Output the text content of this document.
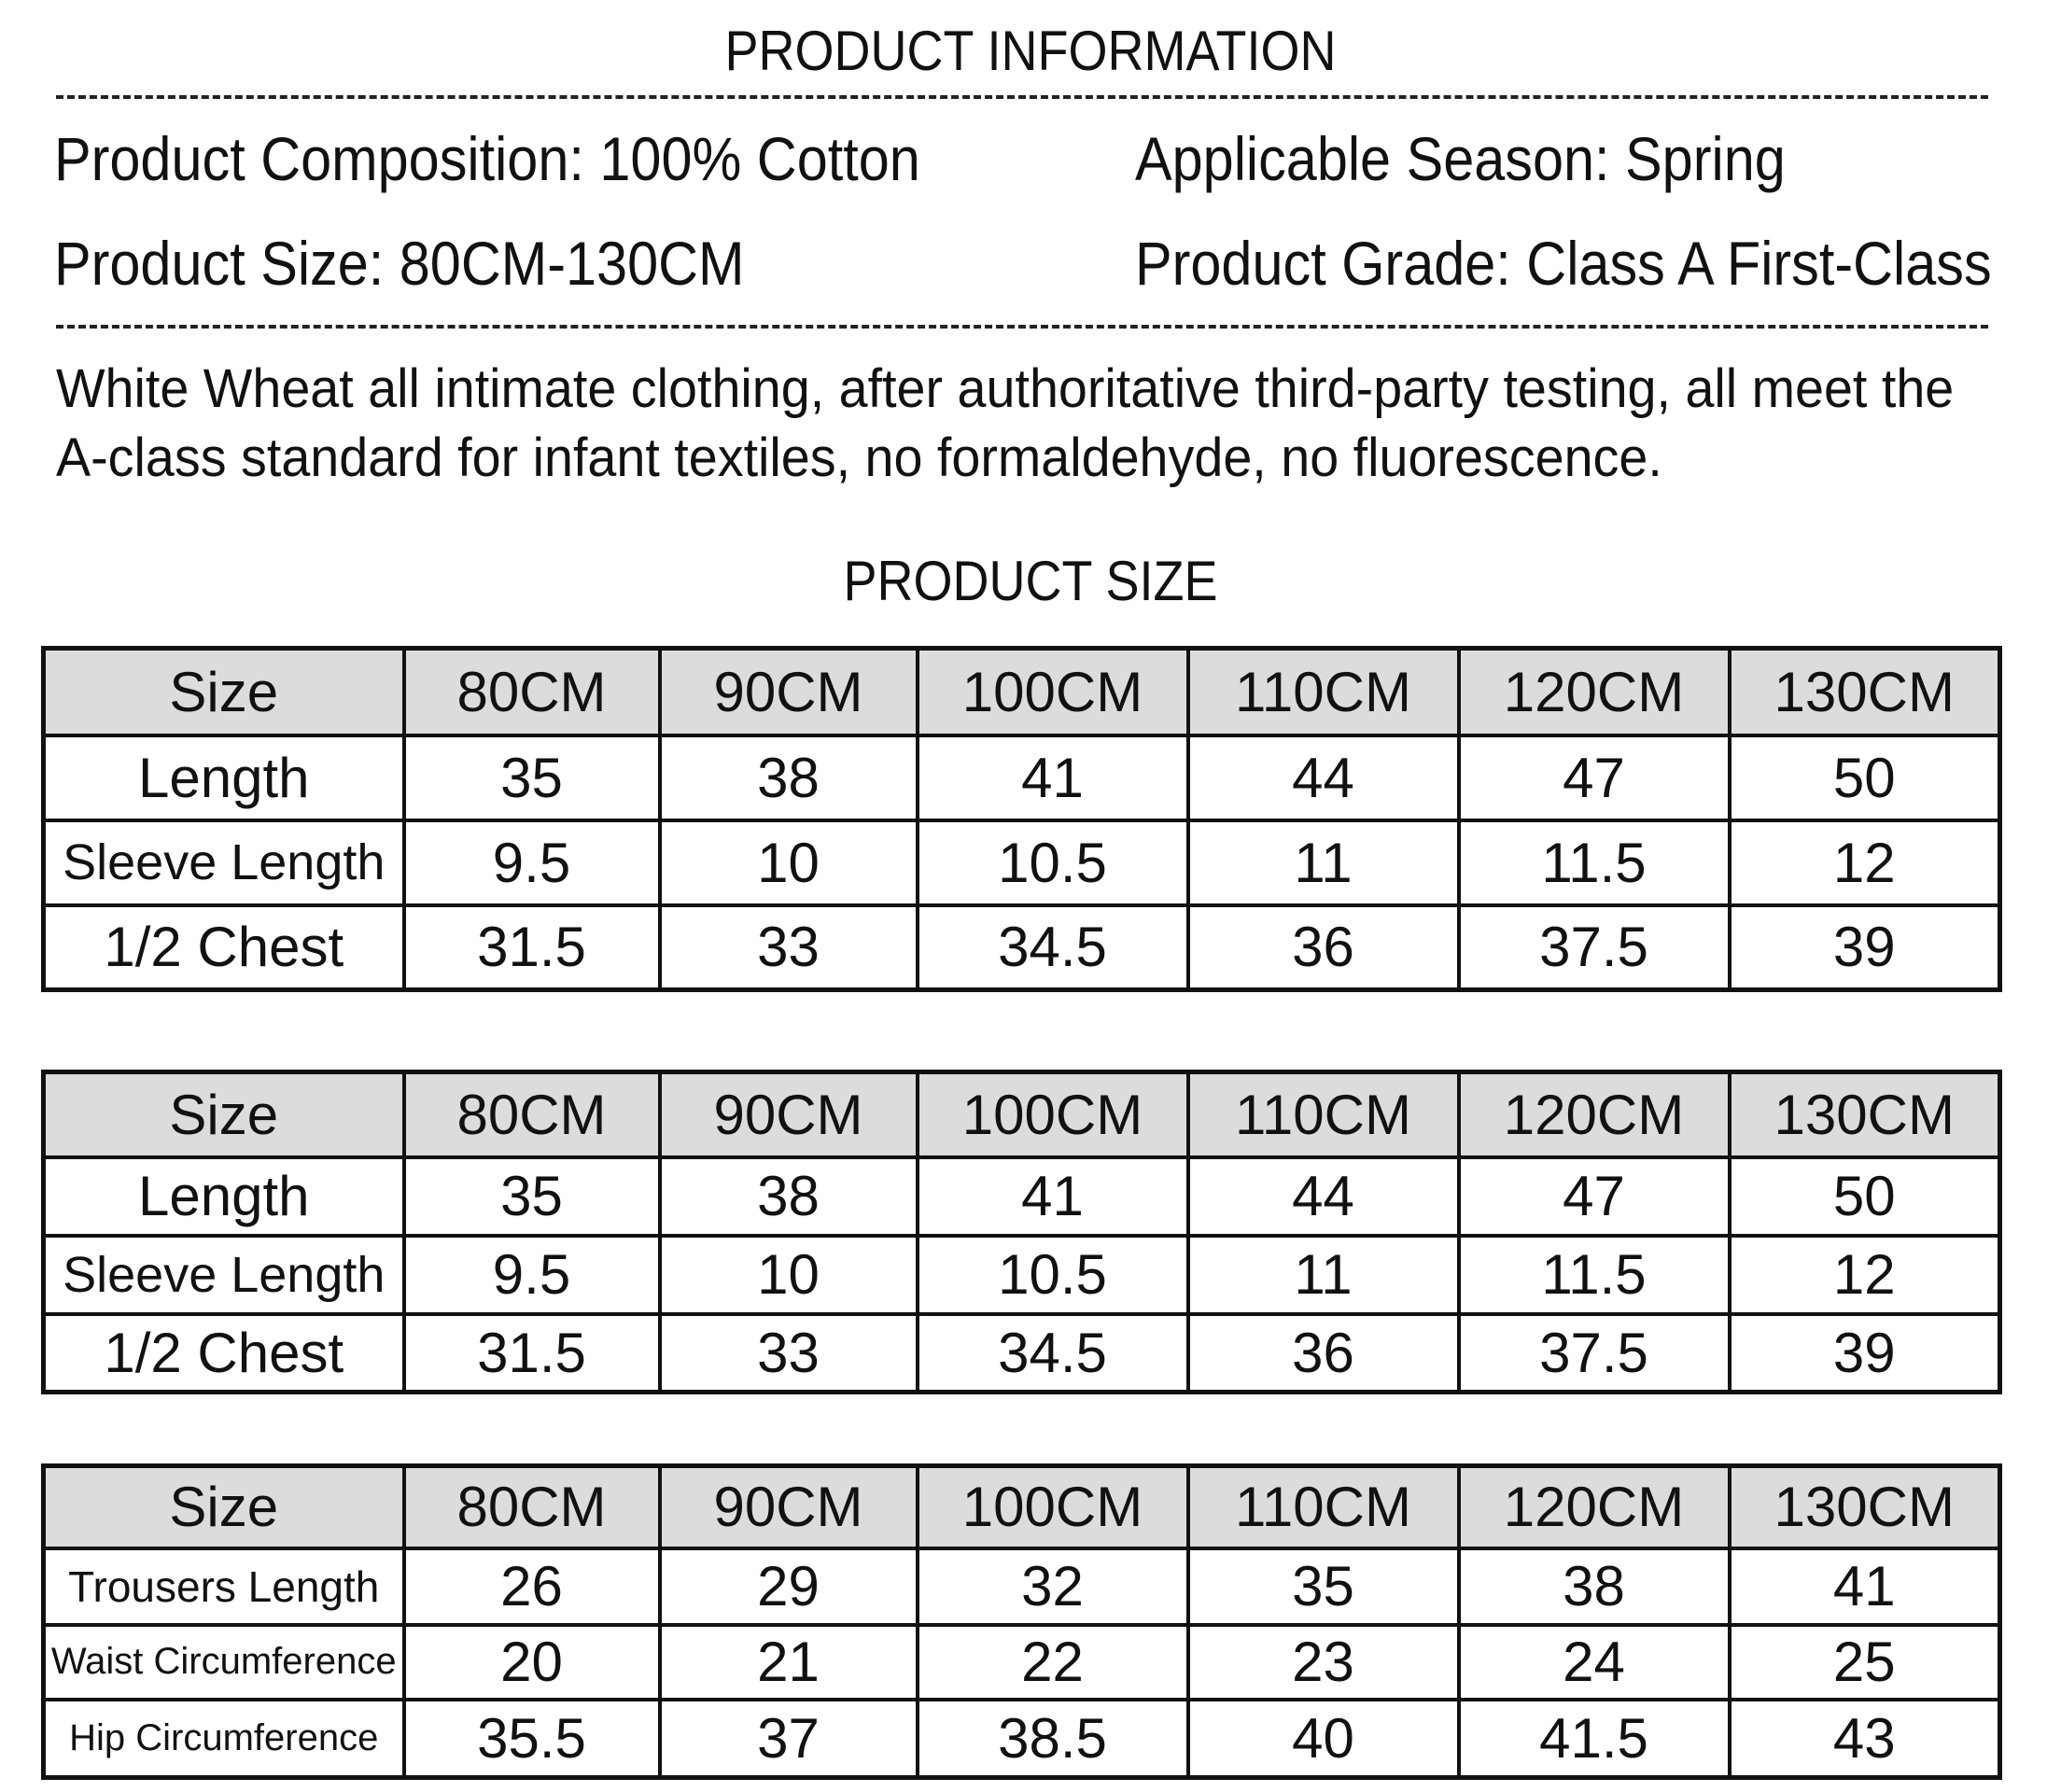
PRODUCT INFORMATION
Product Composition: 100% Cotton	Applicable Season: Spring
Product Size: 80CM-130CM	Product Grade: Class A First-Class
White Wheat all intimate clothing, after authoritative third-party testing, all meet the
A-class standard for infant textiles, no formaldehyde, no fluorescence.
PRODUCT SIZE
Size	80CM	90CM	100CM	110CM	120CM	130CM
Length	35	38	41	44	47	50
Sleeve Length	9.5	10	10.5	11	11.5	12
1/2 Chest	31.5	33	34.5	36	37.5	39
Size	80CM	90CM	100CM	110CM	120CM	130CM
Length	35	38	41	44	47	50
Sleeve Length	9.5	10	10.5	11	11.5	12
1/2 Chest	31.5	33	34.5	36	37.5	39
Size	80CM	90CM	100CM	110CM	120CM	130CM
Trousers Length	26	29	32	35	38	41
Waist Circumference	20	21	22	23	24	25
Hip Circumference	35.5	37	38.5	40	41.5	43
